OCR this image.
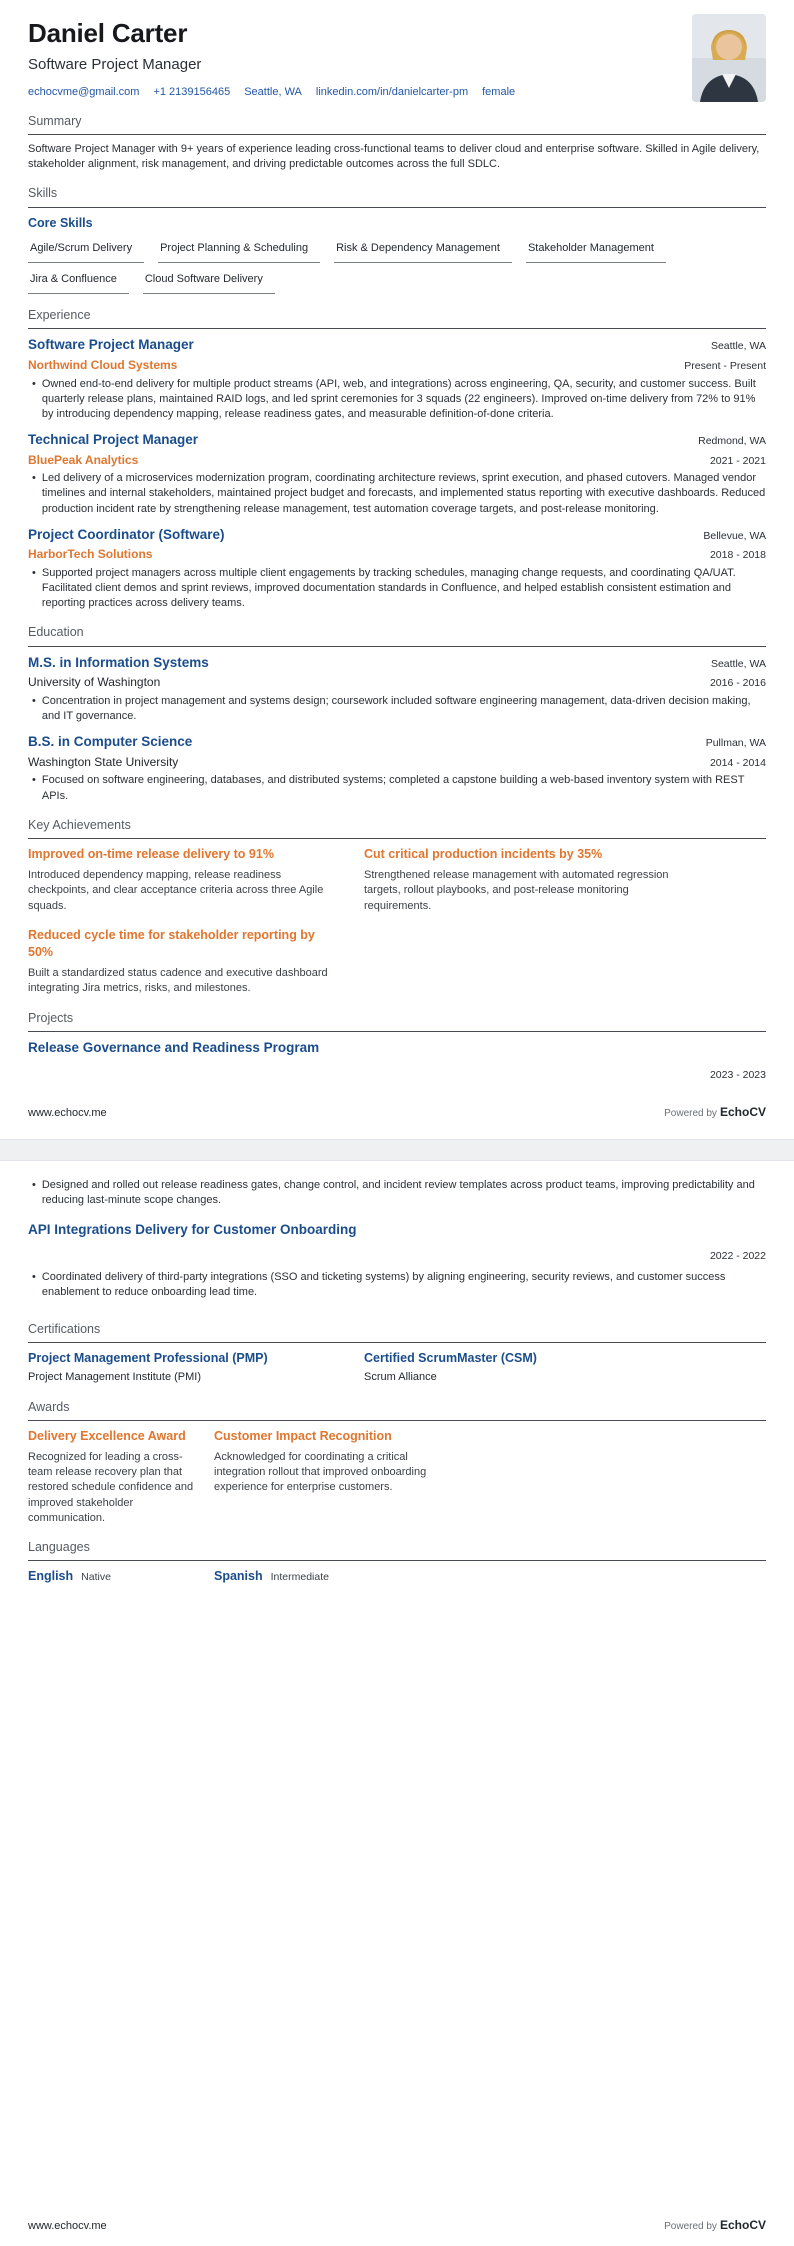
Daniel Carter
Software Project Manager
echocvme@gmail.com +1 2139156465 Seattle, WA linkedin.com/in/danielcarter-pm female
Summary
Software Project Manager with 9+ years of experience leading cross-functional teams to deliver cloud and enterprise software. Skilled in Agile delivery, stakeholder alignment, risk management, and driving predictable outcomes across the full SDLC.
Skills
Core Skills
Agile/Scrum Delivery	Project Planning & Scheduling	Risk & Dependency Management	Stakeholder Management
Jira & Confluence	Cloud Software Delivery
Experience
Software Project Manager	Seattle, WA
Northwind Cloud Systems	Present - Present
• Owned end-to-end delivery for multiple product streams (API, web, and integrations) across engineering, QA, security, and customer success. Built quarterly release plans, maintained RAID logs, and led sprint ceremonies for 3 squads (22 engineers). Improved on-time delivery from 72% to 91% by introducing dependency mapping, release readiness gates, and measurable definition-of-done criteria.
Technical Project Manager	Redmond, WA
BluePeak Analytics	2021 - 2021
• Led delivery of a microservices modernization program, coordinating architecture reviews, sprint execution, and phased cutovers. Managed vendor timelines and internal stakeholders, maintained project budget and forecasts, and implemented status reporting with executive dashboards. Reduced production incident rate by strengthening release management, test automation coverage targets, and post-release monitoring.
Project Coordinator (Software)	Bellevue, WA
HarborTech Solutions	2018 - 2018
• Supported project managers across multiple client engagements by tracking schedules, managing change requests, and coordinating QA/UAT. Facilitated client demos and sprint reviews, improved documentation standards in Confluence, and helped establish consistent estimation and reporting practices across delivery teams.
Education
M.S. in Information Systems	Seattle, WA
University of Washington	2016 - 2016
• Concentration in project management and systems design; coursework included software engineering management, data-driven decision making, and IT governance.
B.S. in Computer Science	Pullman, WA
Washington State University	2014 - 2014
• Focused on software engineering, databases, and distributed systems; completed a capstone building a web-based inventory system with REST APIs.
Key Achievements
Improved on-time release delivery to 91%
Introduced dependency mapping, release readiness checkpoints, and clear acceptance criteria across three Agile squads.
Cut critical production incidents by 35%
Strengthened release management with automated regression targets, rollout playbooks, and post-release monitoring requirements.
Reduced cycle time for stakeholder reporting by 50%
Built a standardized status cadence and executive dashboard integrating Jira metrics, risks, and milestones.
Projects
Release Governance and Readiness Program
2023 - 2023
www.echocv.me	Powered by EchoCV
• Designed and rolled out release readiness gates, change control, and incident review templates across product teams, improving predictability and reducing last-minute scope changes.
API Integrations Delivery for Customer Onboarding
2022 - 2022
• Coordinated delivery of third-party integrations (SSO and ticketing systems) by aligning engineering, security reviews, and customer success enablement to reduce onboarding lead time.
Certifications
Project Management Professional (PMP)
Project Management Institute (PMI)
Certified ScrumMaster (CSM)
Scrum Alliance
Awards
Delivery Excellence Award
Recognized for leading a cross-team release recovery plan that restored schedule confidence and improved stakeholder communication.
Customer Impact Recognition
Acknowledged for coordinating a critical integration rollout that improved onboarding experience for enterprise customers.
Languages
English Native	Spanish Intermediate
www.echocv.me	Powered by EchoCV
